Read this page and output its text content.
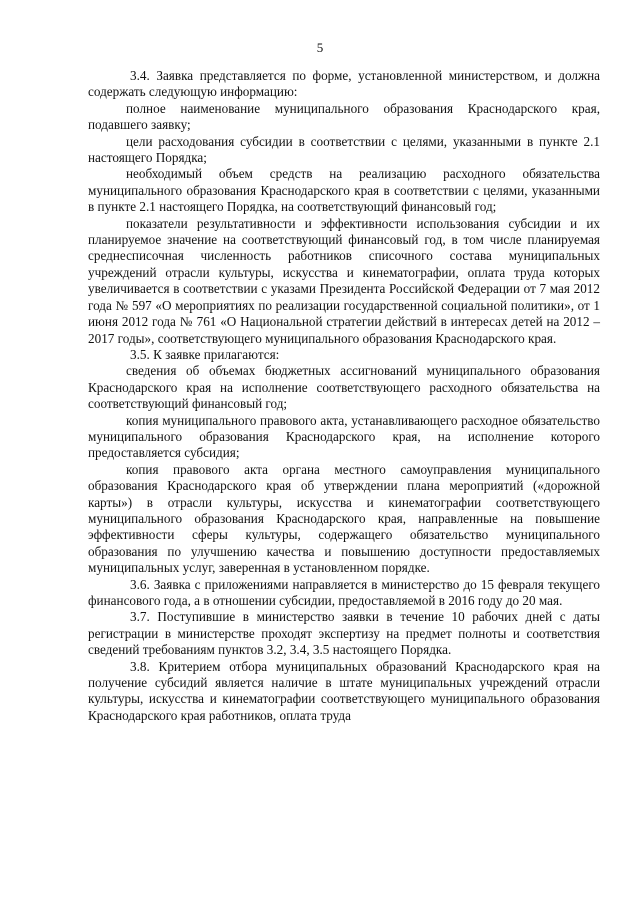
5

3.4. Заявка представляется по форме, установленной министерством, и должна содержать следующую информацию:

полное наименование муниципального образования Краснодарского края, подавшего заявку;

цели расходования субсидии в соответствии с целями, указанными в пункте 2.1 настоящего Порядка;

необходимый объем средств на реализацию расходного обязательства муниципального образования Краснодарского края в соответствии с целями, указанными в пункте 2.1 настоящего Порядка, на соответствующий финансовый год;

показатели результативности и эффективности использования субсидии и их планируемое значение на соответствующий финансовый год, в том числе планируемая среднесписочная численность работников списочного состава муниципальных учреждений отрасли культуры, искусства и кинематографии, оплата труда которых увеличивается в соответствии с указами Президента Российской Федерации от 7 мая 2012 года № 597 «О мероприятиях по реализации государственной социальной политики», от 1 июня 2012 года № 761 «О Национальной стратегии действий в интересах детей на 2012 – 2017 годы», соответствующего муниципального образования Краснодарского края.

3.5. К заявке прилагаются:

сведения об объемах бюджетных ассигнований муниципального образования Краснодарского края на исполнение соответствующего расходного обязательства на соответствующий финансовый год;

копия муниципального правового акта, устанавливающего расходное обязательство муниципального образования Краснодарского края, на исполнение которого предоставляется субсидия;

копия правового акта органа местного самоуправления муниципального образования Краснодарского края об утверждении плана мероприятий («дорожной карты») в отрасли культуры, искусства и кинематографии соответствующего муниципального образования Краснодарского края, направленные на повышение эффективности сферы культуры, содержащего обязательство муниципального образования по улучшению качества и повышению доступности предоставляемых муниципальных услуг, заверенная в установленном порядке.

3.6. Заявка с приложениями направляется в министерство до 15 февраля текущего финансового года, а в отношении субсидии, предоставляемой в 2016 году до 20 мая.

3.7. Поступившие в министерство заявки в течение 10 рабочих дней с даты регистрации в министерстве проходят экспертизу на предмет полноты и соответствия сведений требованиям пунктов 3.2, 3.4, 3.5 настоящего Порядка.

3.8. Критерием отбора муниципальных образований Краснодарского края на получение субсидий является наличие в штате муниципальных учреждений отрасли культуры, искусства и кинематографии соответствующего муниципального образования Краснодарского края работников, оплата труда
